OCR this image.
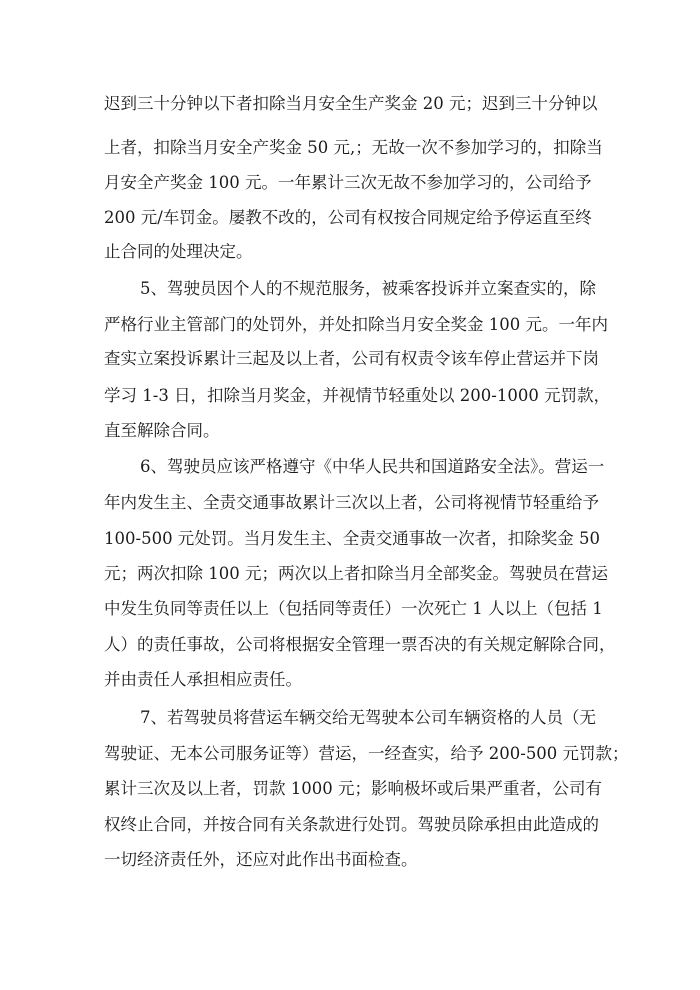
迟到三十分钟以下者扣除当月安全生产奖金 20 元；迟到三十分钟以
上者，扣除当月安全产奖金 50 元,；无故一次不参加学习的，扣除当
月安全产奖金 100 元。一年累计三次无故不参加学习的，公司给予
200 元/车罚金。屡教不改的，公司有权按合同规定给予停运直至终
止合同的处理决定。
5、驾驶员因个人的不规范服务，被乘客投诉并立案查实的，除
严格行业主管部门的处罚外，并处扣除当月安全奖金 100 元。一年内
查实立案投诉累计三起及以上者，公司有权责令该车停止营运并下岗
学习 1-3 日，扣除当月奖金，并视情节轻重处以 200-1000 元罚款，
直至解除合同。
6、驾驶员应该严格遵守《中华人民共和国道路安全法》。营运一
年内发生主、全责交通事故累计三次以上者，公司将视情节轻重给予
100-500 元处罚。当月发生主、全责交通事故一次者，扣除奖金 50
元；两次扣除 100 元；两次以上者扣除当月全部奖金。驾驶员在营运
中发生负同等责任以上（包括同等责任）一次死亡 1 人以上（包括 1
人）的责任事故，公司将根据安全管理一票否决的有关规定解除合同，
并由责任人承担相应责任。
7、若驾驶员将营运车辆交给无驾驶本公司车辆资格的人员（无
驾驶证、无本公司服务证等）营运，一经查实，给予 200-500 元罚款；
累计三次及以上者，罚款 1000 元；影响极坏或后果严重者，公司有
权终止合同，并按合同有关条款进行处罚。驾驶员除承担由此造成的
一切经济责任外，还应对此作出书面检查。
